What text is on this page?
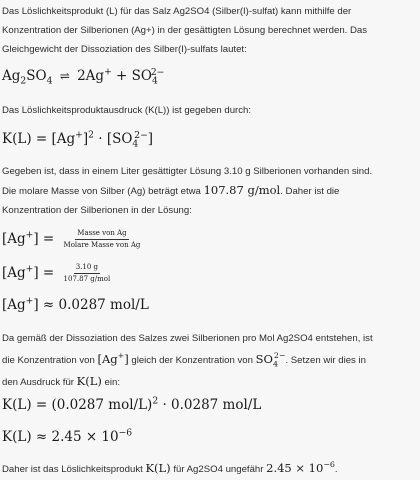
Das Löslichkeitsprodukt (L) für das Salz Ag2SO4 (Silber(I)-sulfat) kann mithilfe der

Konzentration der Silberionen (Ag+) in der gesättigten Lösung berechnet werden. Das

Gleichgewicht der Dissoziation des Silber(I)-sulfats lautet:

$Ag_2SO_4$ ⇌ $2Ag^+ + SO_4^{2-}$

Das Löslichkeitsproduktausdruck (K(L)) ist gegeben durch:

$K(L) = [Ag^+]^2 \cdot [SO_4^{2-}]$

Gegeben ist, dass in einem Liter gesättigter Lösung 3.10 g Silberionen vorhanden sind.

Die molare Masse von Silber (Ag) beträgt etwa 107.87 g/mol. Daher ist die

Konzentration der Silberionen in der Lösung:

$[Ag^+] = \frac{\text{Masse von Ag}}{\text{Molare Masse von Ag}}$
$[Ag^+] = \frac{3.10 g}{\text{107.87 g/mol}}$
[Ag+] ≈ 0.0287 mol/L

Da gemäß der Dissoziation des Salzes zwei Silberionen pro Mol Ag2SO4 entstehen, ist

die Konzentration von [Ag+] gleich der Konzentration von $SO_4^{2-}$. Setzen wir dies in

den Ausdruck für K(L) ein:

K(L) = (0.0287 mol/L)$^2$ · 0.0287 mol/L
$K(L) \approx 2.45 \times 10^{-6}$

Daher ist das Löslichkeitsprodukt K(L) für Ag2SO4 ungefähr $2.45 \times 10^{-6}$.
